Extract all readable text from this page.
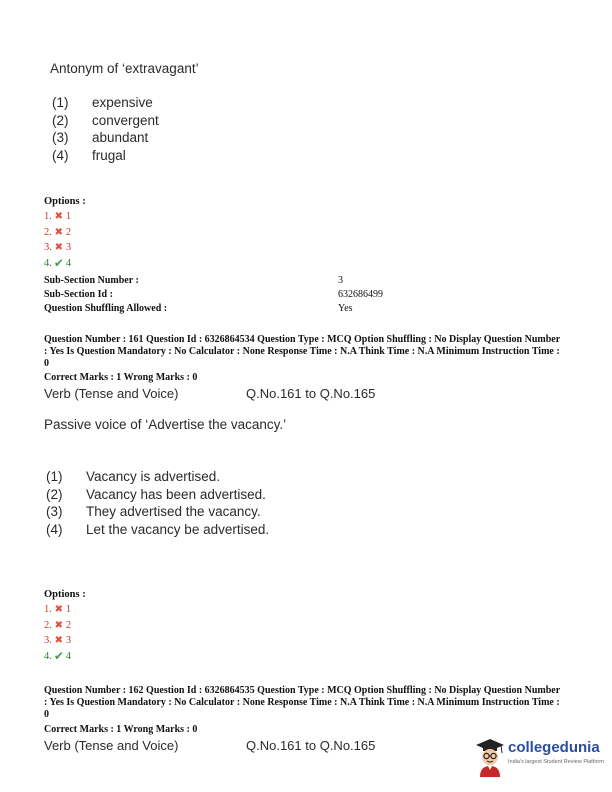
Antonym of ‘extravagant’
(1)	expensive
(2)	convergent
(3)	abundant
(4)	frugal
Options :
1. ✖ 1
2. ✖ 2
3. ✖ 3
4. ✔ 4
Sub-Section Number :	3
Sub-Section Id :	632686499
Question Shuffling Allowed :	Yes
Question Number : 161 Question Id : 6326864534 Question Type : MCQ Option Shuffling : No Display Question Number : Yes Is Question Mandatory : No Calculator : None Response Time : N.A Think Time : N.A Minimum Instruction Time : 0
Correct Marks : 1 Wrong Marks : 0
Verb (Tense and Voice)	Q.No.161 to Q.No.165
Passive voice of ‘Advertise the vacancy.’
(1)	Vacancy is advertised.
(2)	Vacancy has been advertised.
(3)	They advertised the vacancy.
(4)	Let the vacancy be advertised.
Options :
1. ✖ 1
2. ✖ 2
3. ✖ 3
4. ✔ 4
Question Number : 162 Question Id : 6326864535 Question Type : MCQ Option Shuffling : No Display Question Number : Yes Is Question Mandatory : No Calculator : None Response Time : N.A Think Time : N.A Minimum Instruction Time : 0
Correct Marks : 1 Wrong Marks : 0
Verb (Tense and Voice)	Q.No.161 to Q.No.165	collegedunia
India's largest Student Review Platform
